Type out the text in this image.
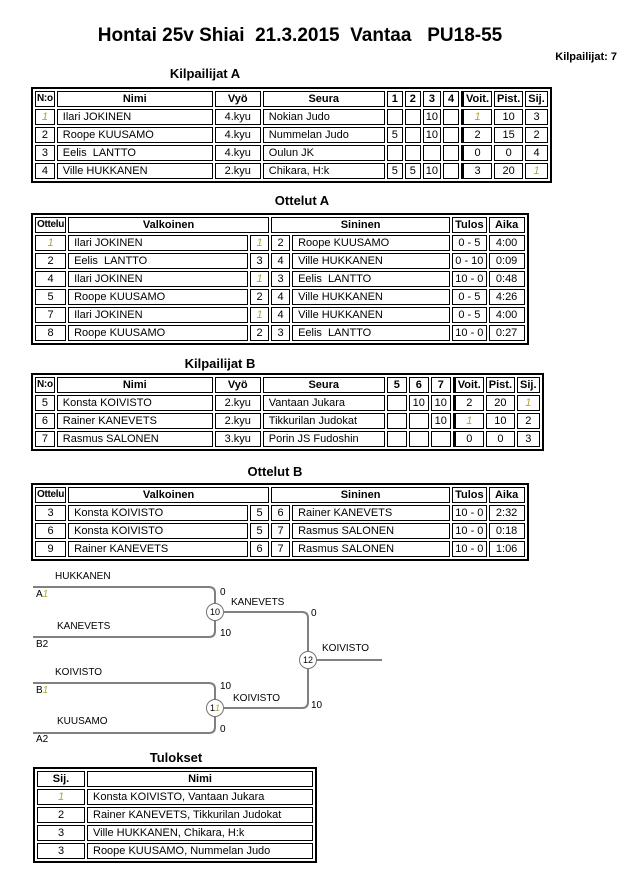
Hontai 25v Shiai  21.3.2015  Vantaa   PU18-55
Kilpailijat: 7
Kilpailijat A
N:o	Nimi	Vyö	Seura	1	2	3	4	Voit.	Pist.	Sij.
1	Ilari JOKINEN	4.kyu	Nokian Judo			10		1	10	3
2	Roope KUUSAMO	4.kyu	Nummelan Judo	5		10		2	15	2
3	Eelis  LANTTO	4.kyu	Oulun JK					0	0	4
4	Ville HUKKANEN	2.kyu	Chikara, H:k	5	5	10		3	20	1
Ottelut A
Ottelu	Valkoinen		Sininen		Tulos	Aika
1	Ilari JOKINEN	1	2	Roope KUUSAMO	0 - 5	4:00
2	Eelis  LANTTO	3	4	Ville HUKKANEN	0 - 10	0:09
4	Ilari JOKINEN	1	3	Eelis  LANTTO	10 - 0	0:48
5	Roope KUUSAMO	2	4	Ville HUKKANEN	0 - 5	4:26
7	Ilari JOKINEN	1	4	Ville HUKKANEN	0 - 5	4:00
8	Roope KUUSAMO	2	3	Eelis  LANTTO	10 - 0	0:27
Kilpailijat B
N:o	Nimi	Vyö	Seura	5	6	7	Voit.	Pist.	Sij.
5	Konsta KOIVISTO	2.kyu	Vantaan Jukara		10	10	2	20	1
6	Rainer KANEVETS	2.kyu	Tikkurilan Judokat			10	1	10	2
7	Rasmus SALONEN	3.kyu	Porin JS Fudoshin				0	0	3
Ottelut B
Ottelu	Valkoinen		Sininen		Tulos	Aika
3	Konsta KOIVISTO	5	6	Rainer KANEVETS	10 - 0	2:32
6	Konsta KOIVISTO	5	7	Rasmus SALONEN	10 - 0	0:18
9	Rainer KANEVETS	6	7	Rasmus SALONEN	10 - 0	1:06
HUKKANEN
A1	0
KANEVETS
B2
10
10
KANEVETS
KOIVISTO
B1	10
KUUSAMO
A2
0
11
KOIVISTO
0
10
12
KOIVISTO
Tulokset
Sij.	Nimi
1	Konsta KOIVISTO, Vantaan Jukara
2	Rainer KANEVETS, Tikkurilan Judokat
3	Ville HUKKANEN, Chikara, H:k
3	Roope KUUSAMO, Nummelan Judo
